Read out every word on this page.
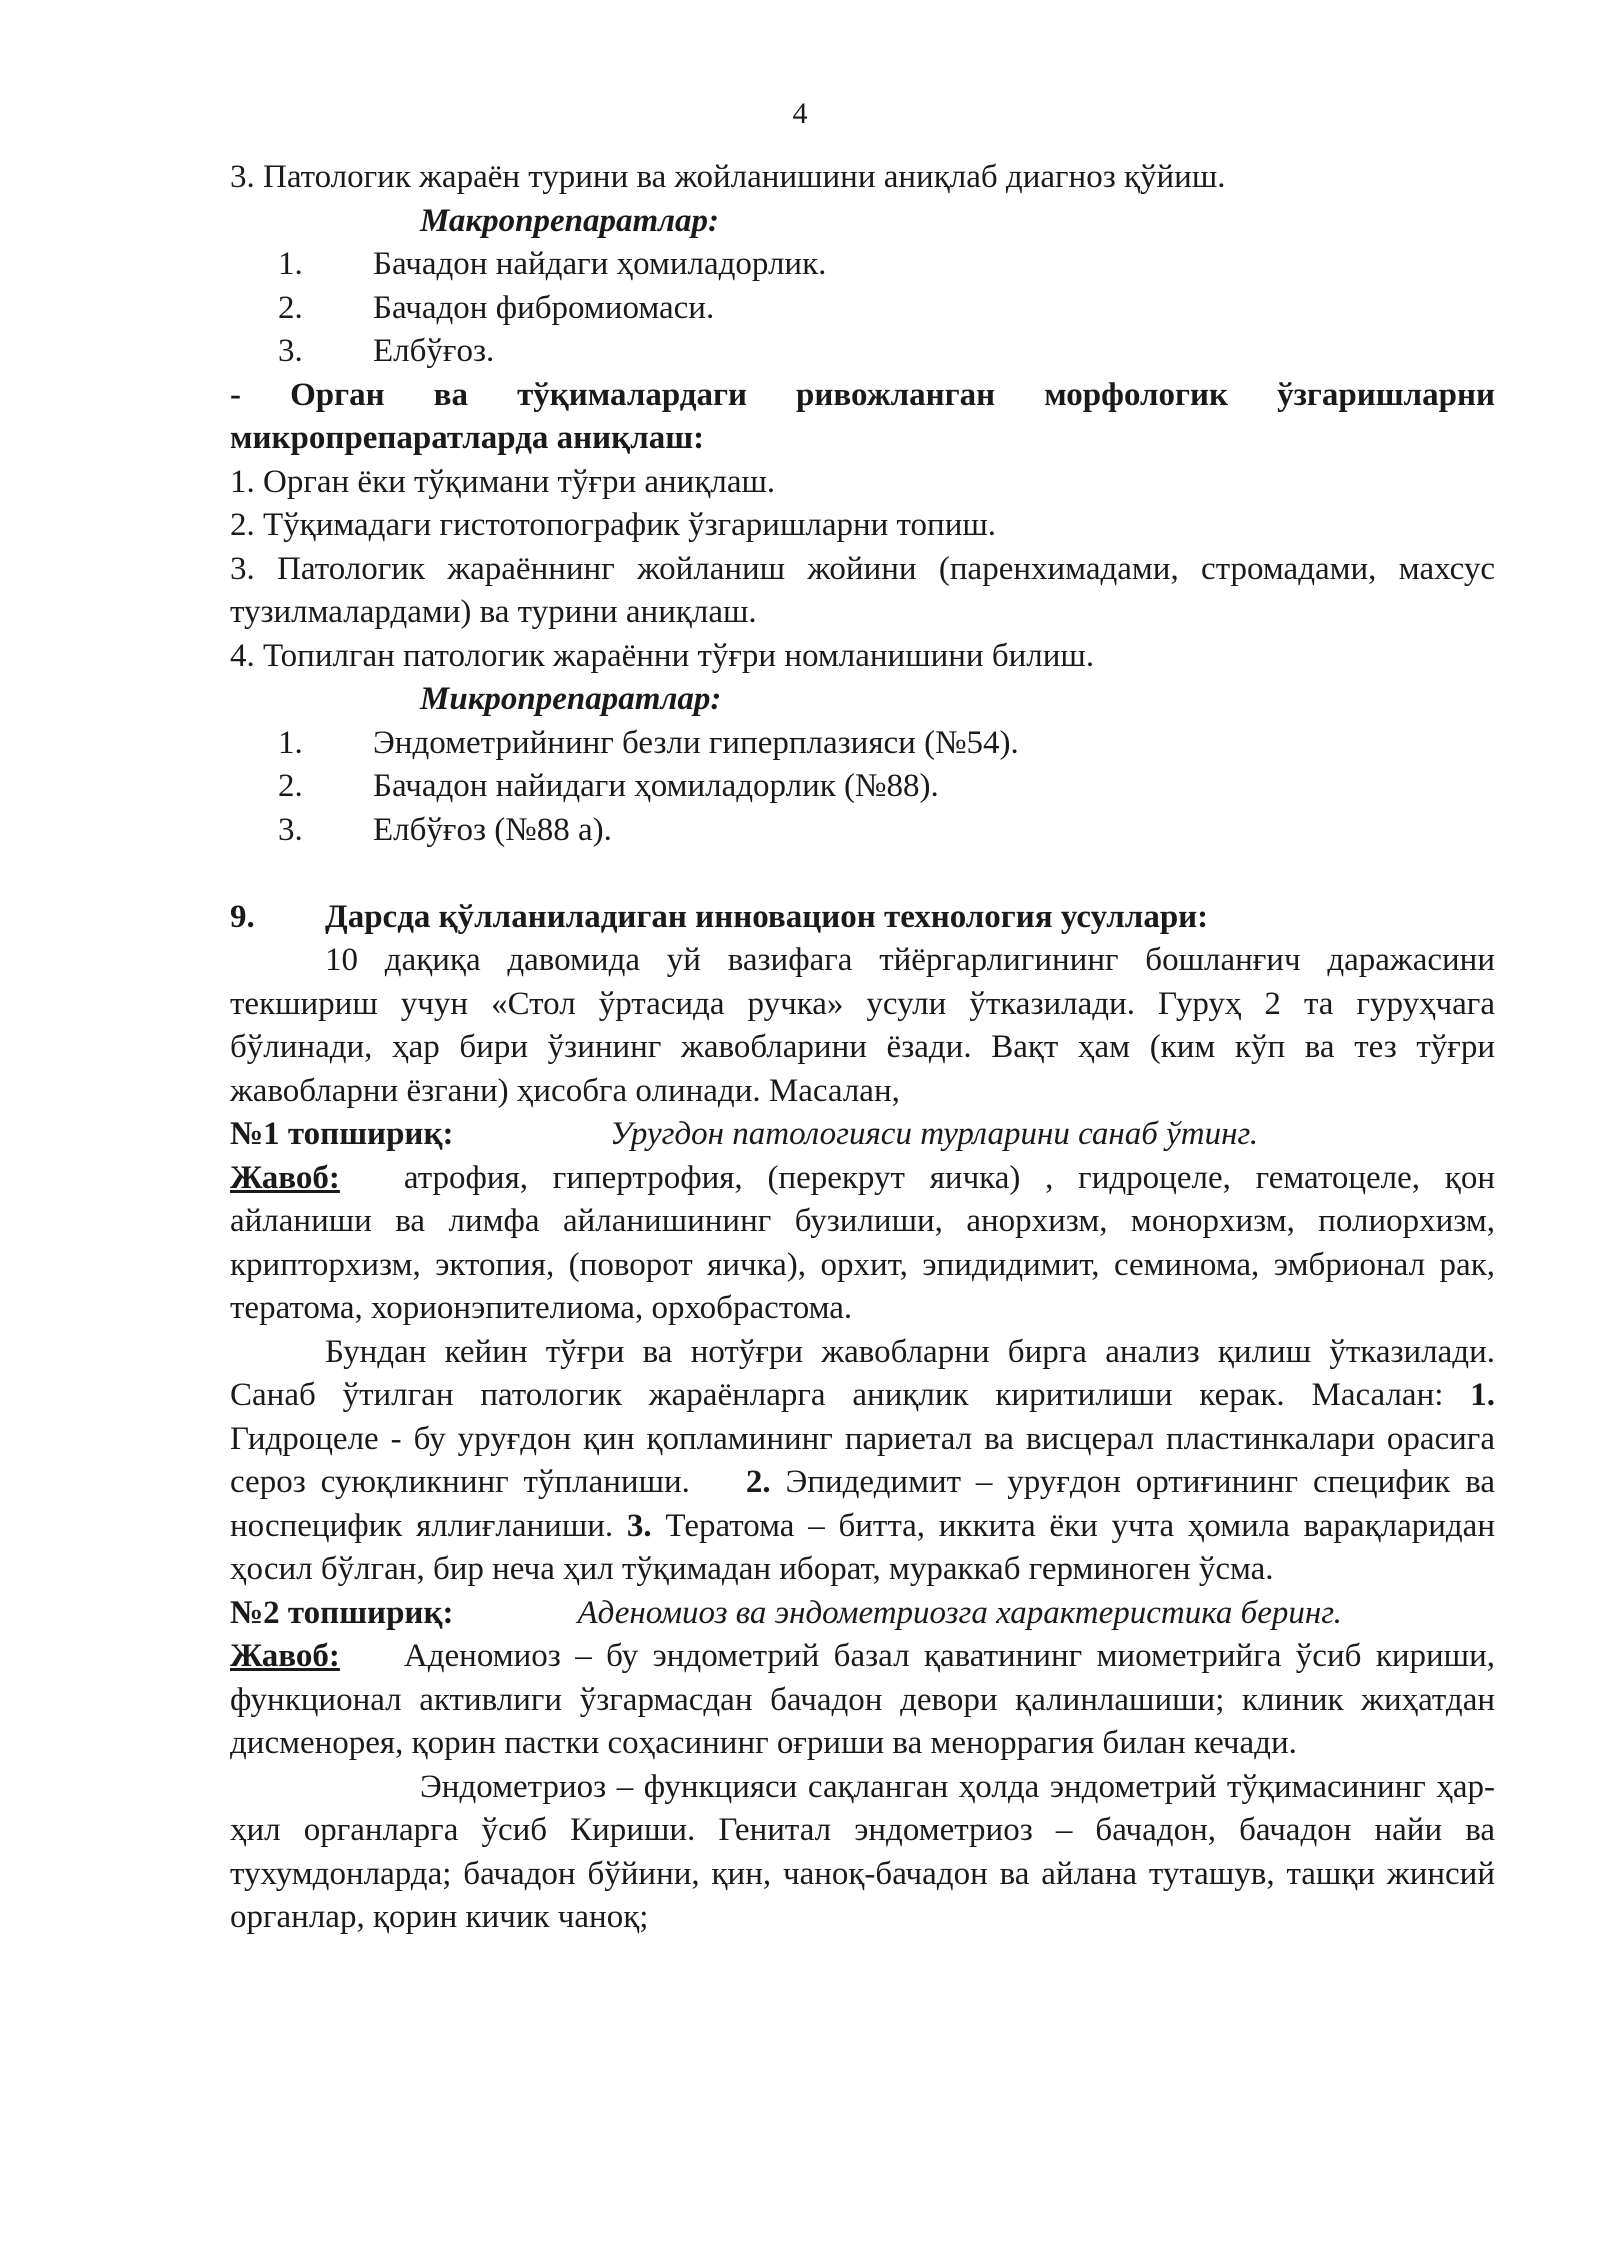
4

3. Патологик жараён турини ва жойланишини аниқлаб диагноз қўйиш.

Макропрепаратлар:

1.	Бачадон найдаги ҳомиладорлик.
2.	Бачадон фибромиомаси.
3.	Елбўғоз.

- Орган ва тўқималардаги ривожланган морфологик ўзгаришларни микропрепаратларда аниқлаш:

1. Орган ёки тўқимани тўғри аниқлаш.

2. Тўқимадаги гистотопографик ўзгаришларни топиш.

3. Патологик жараённинг жойланиш жойини (паренхимадами, стромадами, махсус тузилмалардами) ва турини аниқлаш.

4. Топилган патологик жараённи тўғри номланишини билиш.

Микропрепаратлар:

1.	Эндометрийнинг безли гиперплазияси (№54).
2.	Бачадон найидаги ҳомиладорлик (№88).
3.	Елбўғоз (№88 а).
9.	Дарсда қўлланиладиган инновацион технология усуллари:

10 дақиқа давомида уй вазифага тйёргарлигининг бошланғич даражасини текшириш учун «Стол ўртасида ручка» усули ўтказилади. Гуруҳ 2 та гуруҳчага бўлинади, ҳар бири ўзининг жавобларини ёзади. Вақт ҳам (ким кўп ва тез тўғри жавобларни ёзгани) ҳисобга олинади. Масалан,

№1 топшириқ:	Уругдон патологияси турларини санаб ўтинг.

Жавоб: атрофия, гипертрофия, (перекрут яичка) , гидроцеле, гематоцеле, қон айланиши ва лимфа айланишининг бузилиши, анорхизм, монорхизм, полиорхизм, крипторхизм, эктопия, (поворот яичка), орхит, эпидидимит, семинома, эмбрионал рак, тератома, хорионэпителиома, орхобрастома.

Бундан кейин тўғри ва нотўғри жавобларни бирга анализ қилиш ўтказилади. Санаб ўтилган патологик жараёнларга аниқлик киритилиши керак. Масалан: 1. Гидроцеле - бу уруғдон қин қопламининг париетал ва висцерал пластинкалари орасига сероз суюқликнинг тўпланиши. 2. Эпидедимит – уруғдон ортиғининг специфик ва носпецифик яллиғланиши. 3. Тератома – битта, иккита ёки учта ҳомила варақларидан ҳосил бўлган, бир неча ҳил тўқимадан иборат, мураккаб герминоген ўсма.

№2 топшириқ:	Аденомиоз ва эндометриозга характеристика беринг.

Жавоб: Аденомиоз – бу эндометрий базал қаватининг миометрийга ўсиб кириши, функционал активлиги ўзгармасдан бачадон девори қалинлашиши; клиник жиҳатдан дисменорея, қорин пастки соҳасининг оғриши ва меноррагия билан кечади.

Эндометриоз – функцияси сақланган ҳолда эндометрий тўқимасининг ҳар-ҳил органларга ўсиб Кириши. Генитал эндометриоз – бачадон, бачадон найи ва тухумдонларда; бачадон бўйини, қин, чаноқ-бачадон ва айлана туташув, ташқи жинсий органлар, қорин кичик чаноқ;
